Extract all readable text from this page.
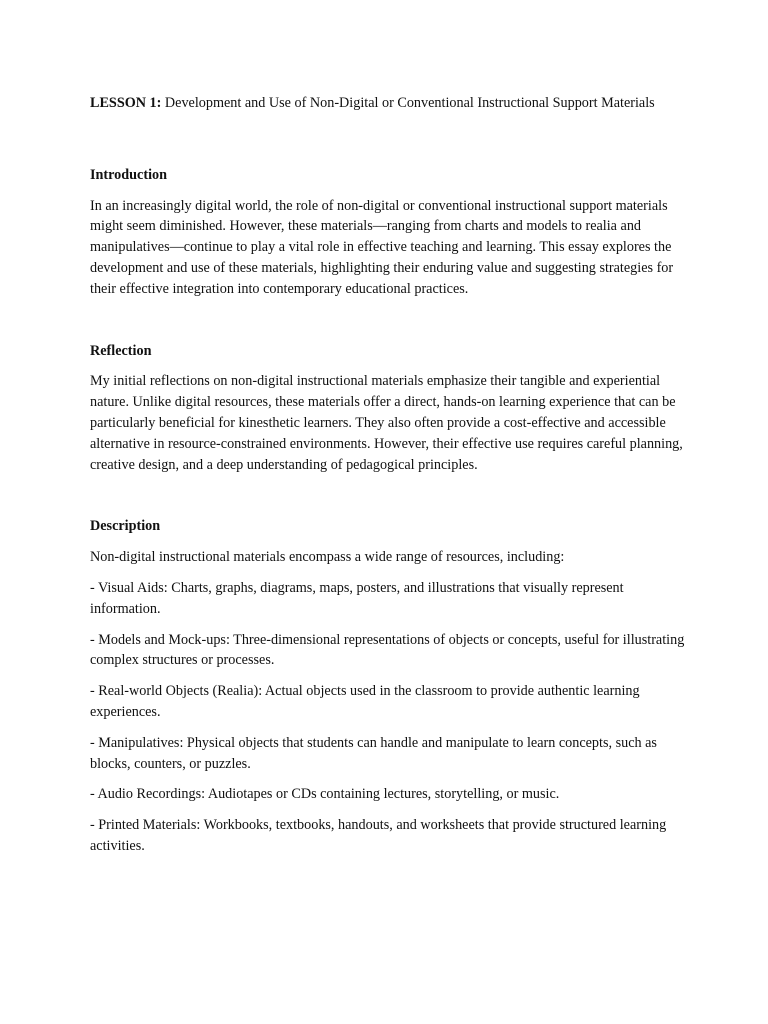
LESSON 1: Development and Use of Non-Digital or Conventional Instructional Support Materials

Introduction

In an increasingly digital world, the role of non-digital or conventional instructional support materials might seem diminished. However, these materials—ranging from charts and models to realia and manipulatives—continue to play a vital role in effective teaching and learning. This essay explores the development and use of these materials, highlighting their enduring value and suggesting strategies for their effective integration into contemporary educational practices.

Reflection

My initial reflections on non-digital instructional materials emphasize their tangible and experiential nature. Unlike digital resources, these materials offer a direct, hands-on learning experience that can be particularly beneficial for kinesthetic learners. They also often provide a cost-effective and accessible alternative in resource-constrained environments. However, their effective use requires careful planning, creative design, and a deep understanding of pedagogical principles.

Description

Non-digital instructional materials encompass a wide range of resources, including:

- Visual Aids: Charts, graphs, diagrams, maps, posters, and illustrations that visually represent information.

- Models and Mock-ups: Three-dimensional representations of objects or concepts, useful for illustrating complex structures or processes.

- Real-world Objects (Realia): Actual objects used in the classroom to provide authentic learning experiences.

- Manipulatives: Physical objects that students can handle and manipulate to learn concepts, such as blocks, counters, or puzzles.

- Audio Recordings: Audiotapes or CDs containing lectures, storytelling, or music.

- Printed Materials: Workbooks, textbooks, handouts, and worksheets that provide structured learning activities.
